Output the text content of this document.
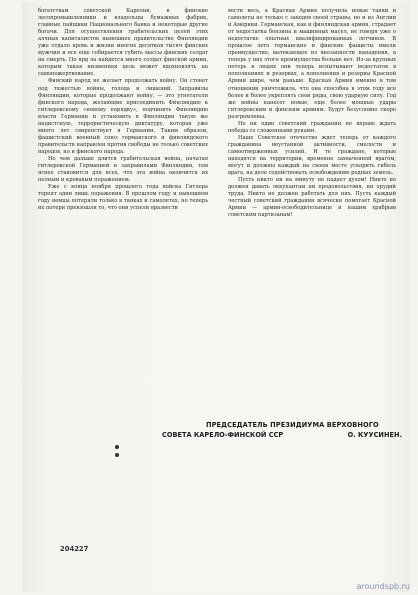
богатствам советской Карелии, в финские лесопромышленники и владельцы бумажных фабрик, главные пайщики Национального банка и некоторые другие богачи. Для осуществления грабительских целей этих алчных капиталистов нынешнее правительство Финляндии уже отдало кровь и жизни многих десятков тысяч финских мужчин и все еще собирается губить массы финских солдат на смерть. По ярд ла найдется много солдат финской армии, которым такая низменная цель может вдохновлять на самопожертвование.

Финский народ не желает продолжать войну. Он стонет под тяжестью войны, голода и лишений. Заправилы Финляндии, которые продолжают войну, — это угнетатели финского народа, желающие присоединить Финляндию к гитлеровскому «новому порядку», подчинить Финляндию власти Германии и установить в Финляндии такую же нацистскую, террористическую диктатуру, которая уже много лет свирепствует в Германии. Таким образом, фашистский военный союз германского и финляндского правительств направлен против свободы не только советских народов, но и финского народа.

Но чем дальше длится грабительская война, начатая гитлеровской Германией и заправилами Финляндии, тем яснее становится для всех, что эта война окончится их полным и кровавым поражением.

Уже с конца ноября прошлого года войска Гитлера терпят одни лишь поражения. В прошлом году и нынешнем году немцы потеряли только в танках и самолетах, но теперь их потери превзошли то, что они успели вразвести

вести весь, а Красная Армия получила новые танки и самолеты не только с заводов своей страны, но и из Англии и Америки. Германская, как и финляндская армия, страдает от недостатка бензина и машинных масел, не говоря уже о недостатке опытных квалифицированных летчиков. В прошлое лето германские и финские фашисты имели преимущество, вытекающее из внезапности нападения, а теперь у них этого преимущества больше нет. Из-за крупных потерь в людях они теперь испытывают недостаток в пополнениях и резервах, а пополнения и резервы Красной Армии шире, чем раньше. Красная Армия именно в том отношении уничтожила, что она способна в этом году все более и более укреплять свои ряды, свою ударную силу. Год же войны нанесет новые, еще более мощные удары гитлеровским и финским армиям. Будут безусловно скоро разгромлены.

Но ни один советский гражданин не вправе ждать победы со сложенными руками.

Наше Советское отечество ждет теперь от каждого гражданина неустанной активности, смелости и самоотверженных усилий. И те граждане, которые находятся на территории, временно захваченной врагом, могут и должны каждый на своем месте ускорить гибель врага, на деле содействовать освобождению родных земель.

Пусть никто ни на минуту не падает духом! Никто не должен давать оккупантам ни продовольствия, ни орудий труда. Никто не должен работать для них. Пусть каждый честный советский гражданин всячески помогает Красной Армии — армии-освободительнице и нашим храбрым советским партизанам!

ПРЕДСЕДАТЕЛЬ ПРЕЗИДИУМА ВЕРХОВНОГО
СОВЕТА КАРЕЛО-ФИНСКОЙ ССР	О. КУУСИНЕН.
204227
aroundspb.ru
